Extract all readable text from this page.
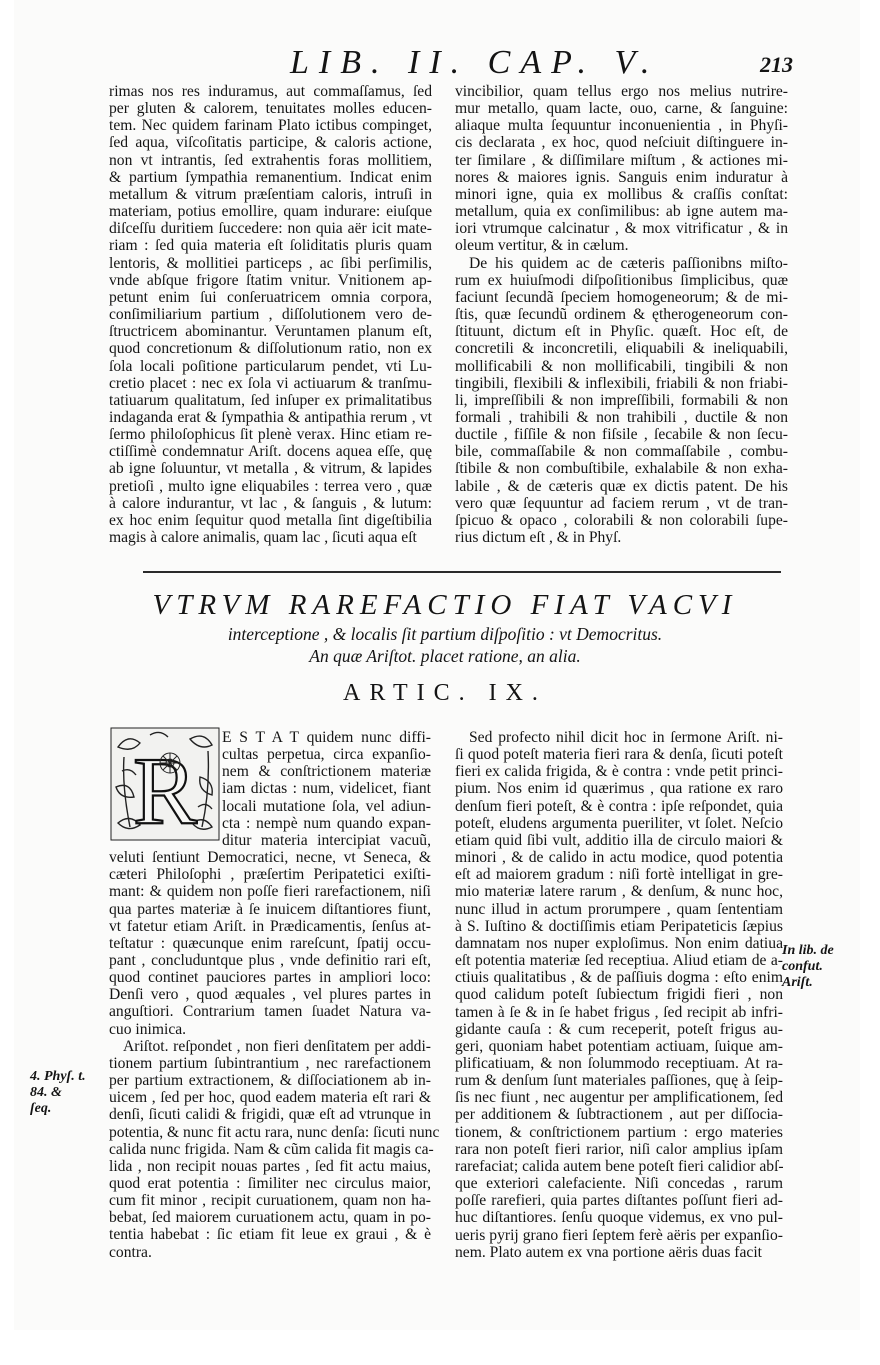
LIB. II. CAP. V.	213
rimas nos res induramus, aut commaſſamus, ſed
per gluten & calorem, tenuitates molles educen-
tem. Nec quidem farinam Plato ictibus compinget,
ſed aqua, viſcoſitatis participe, & caloris actione,
non vt intrantis, ſed extrahentis foras mollitiem,
& partium ſympathia remanentium. Indicat enim
metallum & vitrum præſentiam caloris, intruſi in
materiam, potius emollire, quam indurare: eiuſque
diſceſſu duritiem ſuccedere: non quia aër icit mate-
riam : ſed quia materia eſt ſoliditatis pluris quam
lentoris, & mollitiei particeps , ac ſibi perſimilis,
vnde abſque frigore ſtatim vnitur. Vnitionem ap-
petunt enim ſui conſeruatricem omnia corpora,
conſimiliarium partium , diſſolutionem vero de-
ſtructricem abominantur. Veruntamen planum eſt,
quod concretionum & diſſolutionum ratio, non ex
ſola locali poſitione particularum pendet, vti Lu-
cretio placet : nec ex ſola vi actiuarum & tranſmu-
tatiuarum qualitatum, ſed inſuper ex primalitatibus
indaganda erat & ſympathia & antipathia rerum , vt
ſermo philoſophicus ſit plenè verax. Hinc etiam re-
ctiſſimè condemnatur Ariſt. docens aquea eſſe, quę
ab igne ſoluuntur, vt metalla , & vitrum, & lapides
pretioſi , multo igne eliquabiles : terrea vero , quæ
à calore indurantur, vt lac , & ſanguis , & lutum:
ex hoc enim ſequitur quod metalla ſint digeſtibilia
magis à calore animalis, quam lac , ſicuti aqua eſt
vincibilior, quam tellus ergo nos melius nutrire-
mur metallo, quam lacte, ouo, carne, & ſanguine:
aliaque multa ſequuntur inconuenientia , in Phyſi-
cis declarata , ex hoc, quod neſciuit diſtinguere in-
ter ſimilare , & diſſimilare miſtum , & actiones mi-
nores & maiores ignis. Sanguis enim induratur à
minori igne, quia ex mollibus & craſſis conſtat:
metallum, quia ex conſimilibus: ab igne autem ma-
iori vtrumque calcinatur , & mox vitrificatur , & in
oleum vertitur, & in cælum.
De his quidem ac de cæteris paſſionibns miſto-
rum ex huiuſmodi diſpoſitionibus ſimplicibus, quæ
faciunt ſecundã ſpeciem homogeneorum; & de mi-
ſtis, quæ ſecundũ ordinem & ętherogeneorum con-
ſtituunt, dictum eſt in Phyſic. quæſt. Hoc eſt, de
concretili & inconcretili, eliquabili & ineliquabili,
mollificabili & non mollificabili, tingibili & non
tingibili, flexibili & inflexibili, friabili & non friabi-
li, impreſſibili & non impreſſibili, formabili & non
formali , trahibili & non trahibili , ductile & non
ductile , fiſſile & non fiſsile , ſecabile & non ſecu-
bile, commaſſabile & non commaſſabile , combu-
ſtibile & non combuſtibile, exhalabile & non exha-
labile , & de cæteris quæ ex dictis patent. De his
vero quæ ſequuntur ad faciem rerum , vt de tran-
ſpicuo & opaco , colorabili & non colorabili ſupe-
rius dictum eſt , & in Phyſ.
VTRVM RAREFACTIO FIAT VACVI
interceptione , & localis ſit partium diſpoſitio : vt Democritus.
An quæ Ariſtot. placet ratione, an alia.
ARTIC. IX.
R E S T A T quidem nunc diffi-
cultas perpetua, circa expanſio-
nem & conſtrictionem materiæ
iam dictas : num, videlicet, fiant
locali mutatione ſola, vel adiun-
cta : nempè num quando expan-
ditur materia intercipiat vacuũ,
veluti ſentiunt Democratici, necne, vt Seneca, &
cæteri Philoſophi , præſertim Peripatetici exiſti-
mant: & quidem non poſſe fieri rarefactionem, niſi
qua partes materiæ à ſe inuicem diſtantiores fiunt,
vt fatetur etiam Ariſt. in Prædicamentis, ſenſus at-
teſtatur : quæcunque enim rareſcunt, ſpatij occu-
pant , concluduntque plus , vnde definitio rari eſt,
quod continet pauciores partes in ampliori loco:
Denſi vero , quod æquales , vel plures partes in
anguſtiori. Contrarium tamen ſuadet Natura va-
cuo inimica.
Ariſtot. reſpondet , non fieri denſitatem per addi-
tionem partium ſubintrantium , nec rarefactionem
per partium extractionem, & diſſociationem ab in-
uicem , ſed per hoc, quod eadem materia eſt rari &
denſi, ſicuti calidi & frigidi, quæ eſt ad vtrunque in
potentia, & nunc fit actu rara, nunc denſa: ſicuti nunc
calida nunc frigida. Nam & cũm calida fit magis ca-
lida , non recipit nouas partes , ſed fit actu maius,
quod erat potentia : ſimiliter nec circulus maior,
cum fit minor , recipit curuationem, quam non ha-
bebat, ſed maiorem curuationem actu, quam in po-
tentia habebat : ſic etiam fit leue ex graui , & è
contra.
Sed profecto nihil dicit hoc in ſermone Ariſt. ni-
ſi quod poteſt materia fieri rara & denſa, ſicuti poteſt
fieri ex calida frigida, & è contra : vnde petit princi-
pium. Nos enim id quærimus , qua ratione ex raro
denſum fieri poteſt, & è contra : ipſe reſpondet, quia
poteſt, eludens argumenta pueriliter, vt ſolet. Neſcio
etiam quid ſibi vult, additio illa de circulo maiori &
minori , & de calido in actu modice, quod potentia
eſt ad maiorem gradum : niſi fortè intelligat in gre-
mio materiæ latere rarum , & denſum, & nunc hoc,
nunc illud in actum prorumpere , quam ſententiam
à S. Iuſtino & doctiſſimis etiam Peripateticis ſæpius
damnatam nos nuper exploſimus. Non enim datiua
eſt potentia materiæ ſed receptiua. Aliud etiam de a-
ctiuis qualitatibus , & de paſſiuis dogma : eſto enim
quod calidum poteſt ſubiectum frigidi fieri , non
tamen à ſe & in ſe habet frigus , ſed recipit ab infri-
gidante cauſa : & cum receperit, poteſt frigus au-
geri, quoniam habet potentiam actiuam, ſuique am-
plificatiuam, & non ſolummodo receptiuam. At ra-
rum & denſum ſunt materiales paſſiones, quę à ſeip-
ſis nec fiunt , nec augentur per amplificationem, ſed
per additionem & ſubtractionem , aut per diſſocia-
tionem, & conſtrictionem partium : ergo materies
rara non poteſt fieri rarior, niſi calor amplius ipſam
rarefaciat; calida autem bene poteſt fieri calidior abſ-
que exteriori calefaciente. Niſi concedas , rarum
poſſe rarefieri, quia partes diſtantes poſſunt fieri ad-
huc diſtantiores. ſenſu quoque videmus, ex vno pul-
ueris pyrij grano fieri ſeptem ferè aëris per expanſio-
nem. Plato autem ex vna portione aëris duas facit
4. Phyſ. t.
84. &
ſeq.
In lib. de
confut.
Ariſt.
